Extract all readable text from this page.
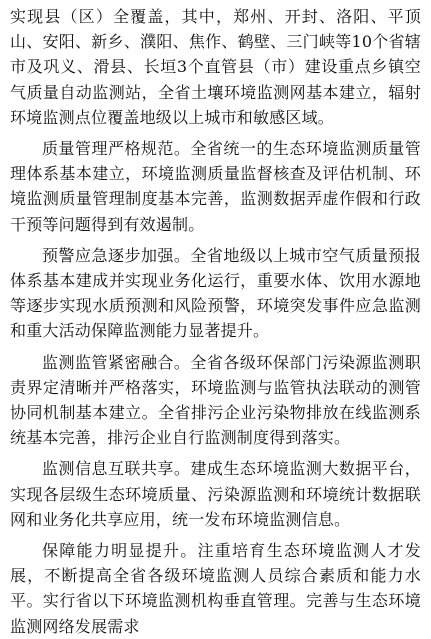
实现县（区）全覆盖，其中，郑州、开封、洛阳、平顶山、安阳、新乡、濮阳、焦作、鹤壁、三门峡等10个省辖市及巩义、滑县、长垣3个直管县（市）建设重点乡镇空气质量自动监测站，全省土壤环境监测网基本建立，辐射环境监测点位覆盖地级以上城市和敏感区域。

质量管理严格规范。全省统一的生态环境监测质量管理体系基本建立，环境监测质量监督核查及评估机制、环境监测质量管理制度基本完善，监测数据弄虚作假和行政干预等问题得到有效遏制。

预警应急逐步加强。全省地级以上城市空气质量预报体系基本建成并实现业务化运行，重要水体、饮用水源地等逐步实现水质预测和风险预警，环境突发事件应急监测和重大活动保障监测能力显著提升。

监测监管紧密融合。全省各级环保部门污染源监测职责界定清晰并严格落实，环境监测与监管执法联动的测管协同机制基本建立。全省排污企业污染物排放在线监测系统基本完善，排污企业自行监测制度得到落实。

监测信息互联共享。建成生态环境监测大数据平台，实现各层级生态环境质量、污染源监测和环境统计数据联网和业务化共享应用，统一发布环境监测信息。

保障能力明显提升。注重培育生态环境监测人才发展，不断提高全省各级环境监测人员综合素质和能力水平。实行省以下环境监测机构垂直管理。完善与生态环境监测网络发展需求
